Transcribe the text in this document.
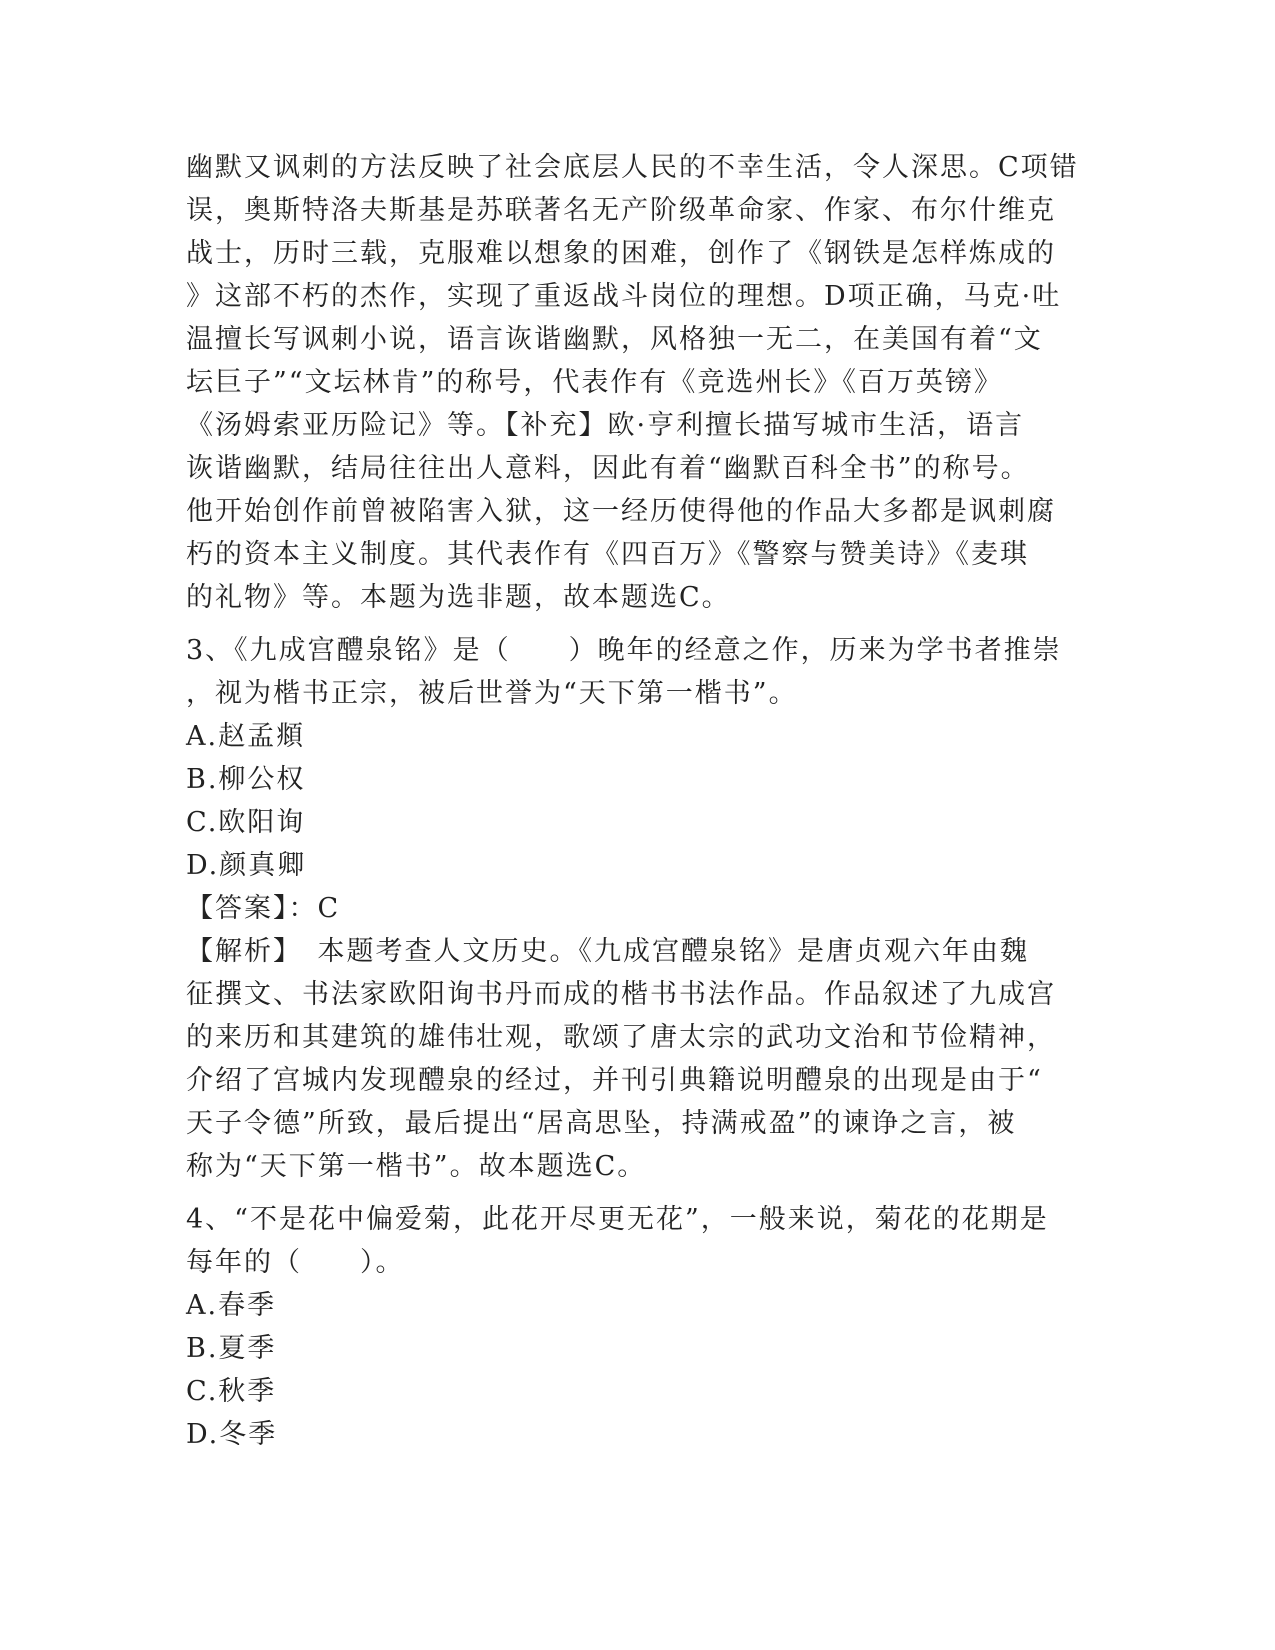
幽默又讽刺的方法反映了社会底层人民的不幸生活，令人深思。C项错
误，奥斯特洛夫斯基是苏联著名无产阶级革命家、作家、布尔什维克
战士，历时三载，克服难以想象的困难，创作了《钢铁是怎样炼成的
》这部不朽的杰作，实现了重返战斗岗位的理想。D项正确，马克·吐
温擅长写讽刺小说，语言诙谐幽默，风格独一无二，在美国有着“文
坛巨子”“文坛林肯”的称号，代表作有《竞选州长》《百万英镑》
《汤姆索亚历险记》等。【补充】欧·亨利擅长描写城市生活，语言
诙谐幽默，结局往往出人意料，因此有着“幽默百科全书”的称号。
他开始创作前曾被陷害入狱，这一经历使得他的作品大多都是讽刺腐
朽的资本主义制度。其代表作有《四百万》《警察与赞美诗》《麦琪
的礼物》等。本题为选非题，故本题选C。
3、《九成宫醴泉铭》是（　　）晚年的经意之作，历来为学书者推崇
，视为楷书正宗，被后世誉为“天下第一楷书”。
A.赵孟頫
B.柳公权
C.欧阳询
D.颜真卿
【答案】：C
【解析】　本题考查人文历史。《九成宫醴泉铭》是唐贞观六年由魏
征撰文、书法家欧阳询书丹而成的楷书书法作品。作品叙述了九成宫
的来历和其建筑的雄伟壮观，歌颂了唐太宗的武功文治和节俭精神，
介绍了宫城内发现醴泉的经过，并刊引典籍说明醴泉的出现是由于“
天子令德”所致，最后提出“居高思坠，持满戒盈”的谏诤之言，被
称为“天下第一楷书”。故本题选C。
4、“不是花中偏爱菊，此花开尽更无花”，一般来说，菊花的花期是
每年的（　　）。
A.春季
B.夏季
C.秋季
D.冬季
